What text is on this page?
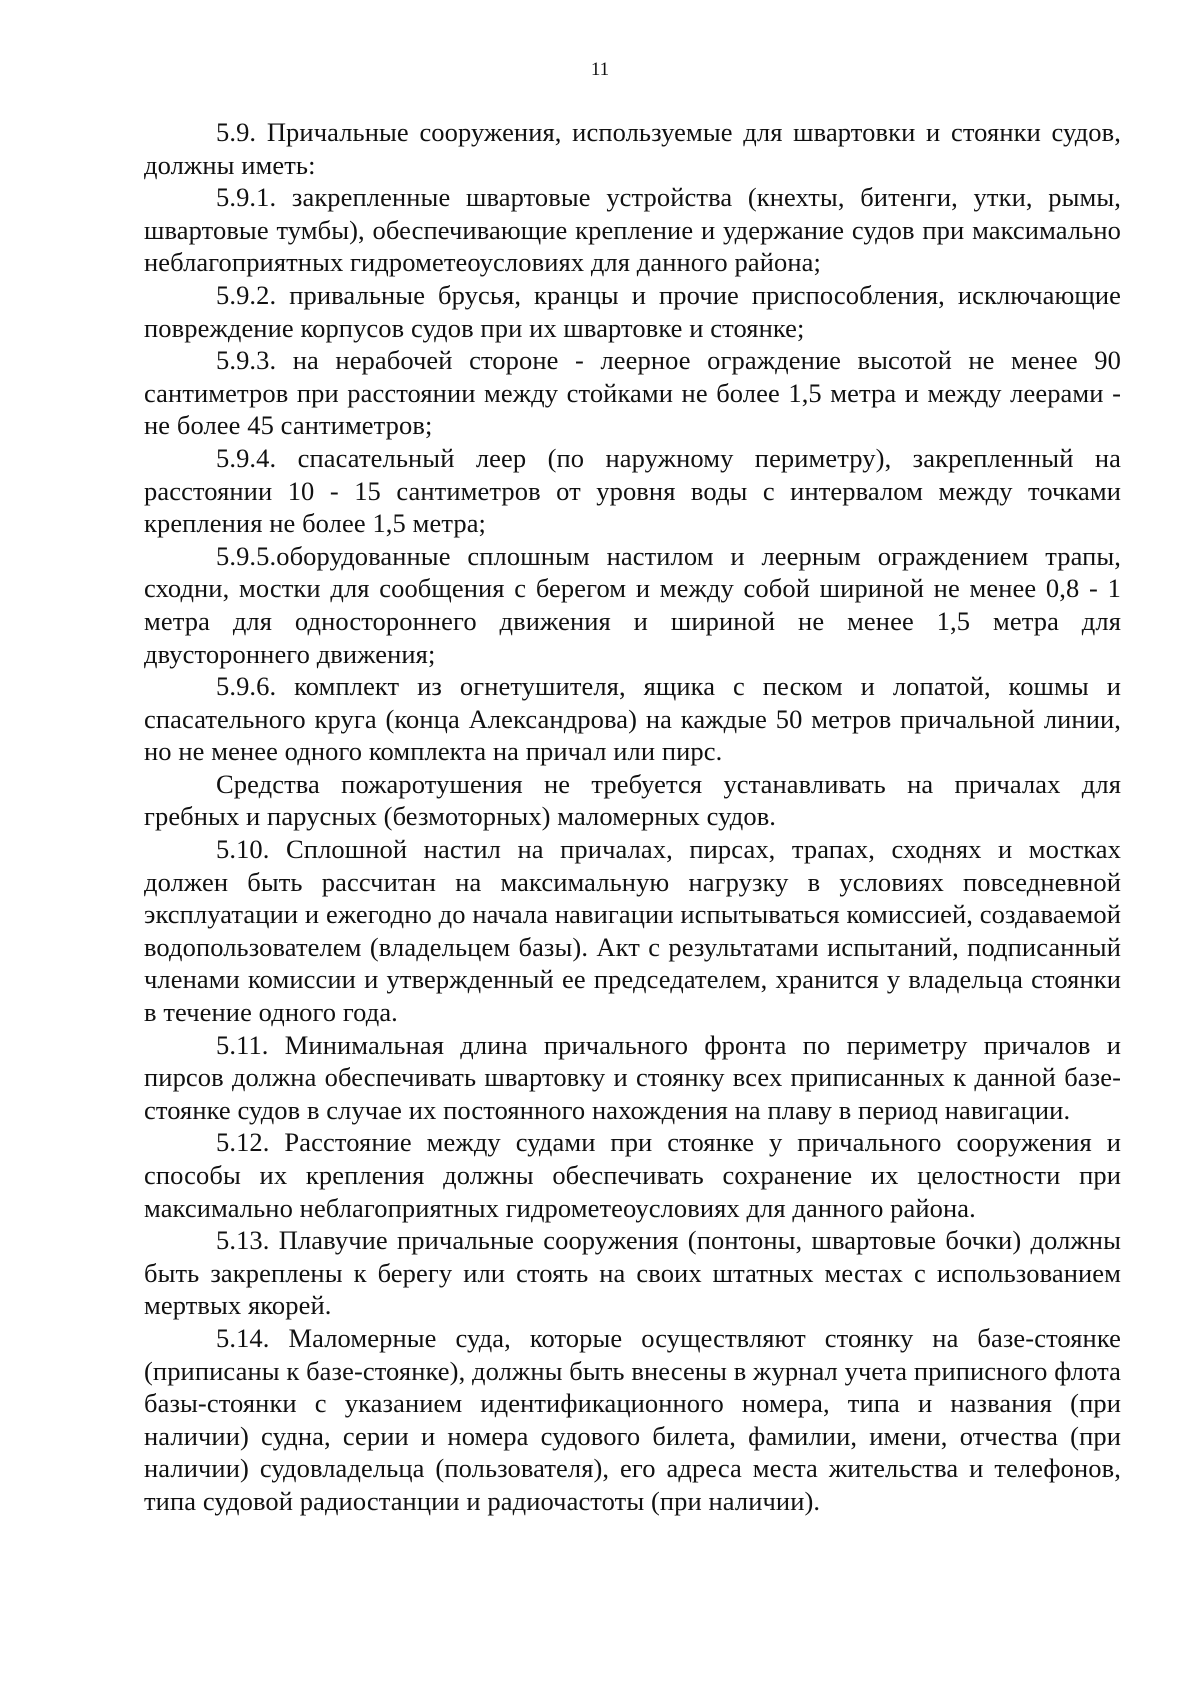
11

5.9. Причальные сооружения, используемые для швартовки и стоянки судов, должны иметь:

5.9.1. закрепленные швартовые устройства (кнехты, битенги, утки, рымы, швартовые тумбы), обеспечивающие крепление и удержание судов при максимально неблагоприятных гидрометеоусловиях для данного района;

5.9.2. привальные брусья, кранцы и прочие приспособления, исключающие повреждение корпусов судов при их швартовке и стоянке;

5.9.3. на нерабочей стороне - леерное ограждение высотой не менее 90 сантиметров при расстоянии между стойками не более 1,5 метра и между леерами - не более 45 сантиметров;

5.9.4. спасательный леер (по наружному периметру), закрепленный на расстоянии 10 - 15 сантиметров от уровня воды с интервалом между точками крепления не более 1,5 метра;

5.9.5.оборудованные сплошным настилом и леерным ограждением трапы, сходни, мостки для сообщения с берегом и между собой шириной не менее 0,8 - 1 метра для одностороннего движения и шириной не менее 1,5 метра для двустороннего движения;

5.9.6. комплект из огнетушителя, ящика с песком и лопатой, кошмы и спасательного круга (конца Александрова) на каждые 50 метров причальной линии, но не менее одного комплекта на причал или пирс.

Средства пожаротушения не требуется устанавливать на причалах для гребных и парусных (безмоторных) маломерных судов.

5.10. Сплошной настил на причалах, пирсах, трапах, сходнях и мостках должен быть рассчитан на максимальную нагрузку в условиях повседневной эксплуатации и ежегодно до начала навигации испытываться комиссией, создаваемой водопользователем (владельцем базы). Акт с результатами испытаний, подписанный членами комиссии и утвержденный ее председателем, хранится у владельца стоянки в течение одного года.

5.11. Минимальная длина причального фронта по периметру причалов и пирсов должна обеспечивать швартовку и стоянку всех приписанных к данной базе-стоянке судов в случае их постоянного нахождения на плаву в период навигации.

5.12. Расстояние между судами при стоянке у причального сооружения и способы их крепления должны обеспечивать сохранение их целостности при максимально неблагоприятных гидрометеоусловиях для данного района.

5.13. Плавучие причальные сооружения (понтоны, швартовые бочки) должны быть закреплены к берегу или стоять на своих штатных местах с использованием мертвых якорей.

5.14. Маломерные суда, которые осуществляют стоянку на базе-стоянке (приписаны к базе-стоянке), должны быть внесены в журнал учета приписного флота базы-стоянки с указанием идентификационного номера, типа и названия (при наличии) судна, серии и номера судового билета, фамилии, имени, отчества (при наличии) судовладельца (пользователя), его адреса места жительства и телефонов, типа судовой радиостанции и радиочастоты (при наличии).
